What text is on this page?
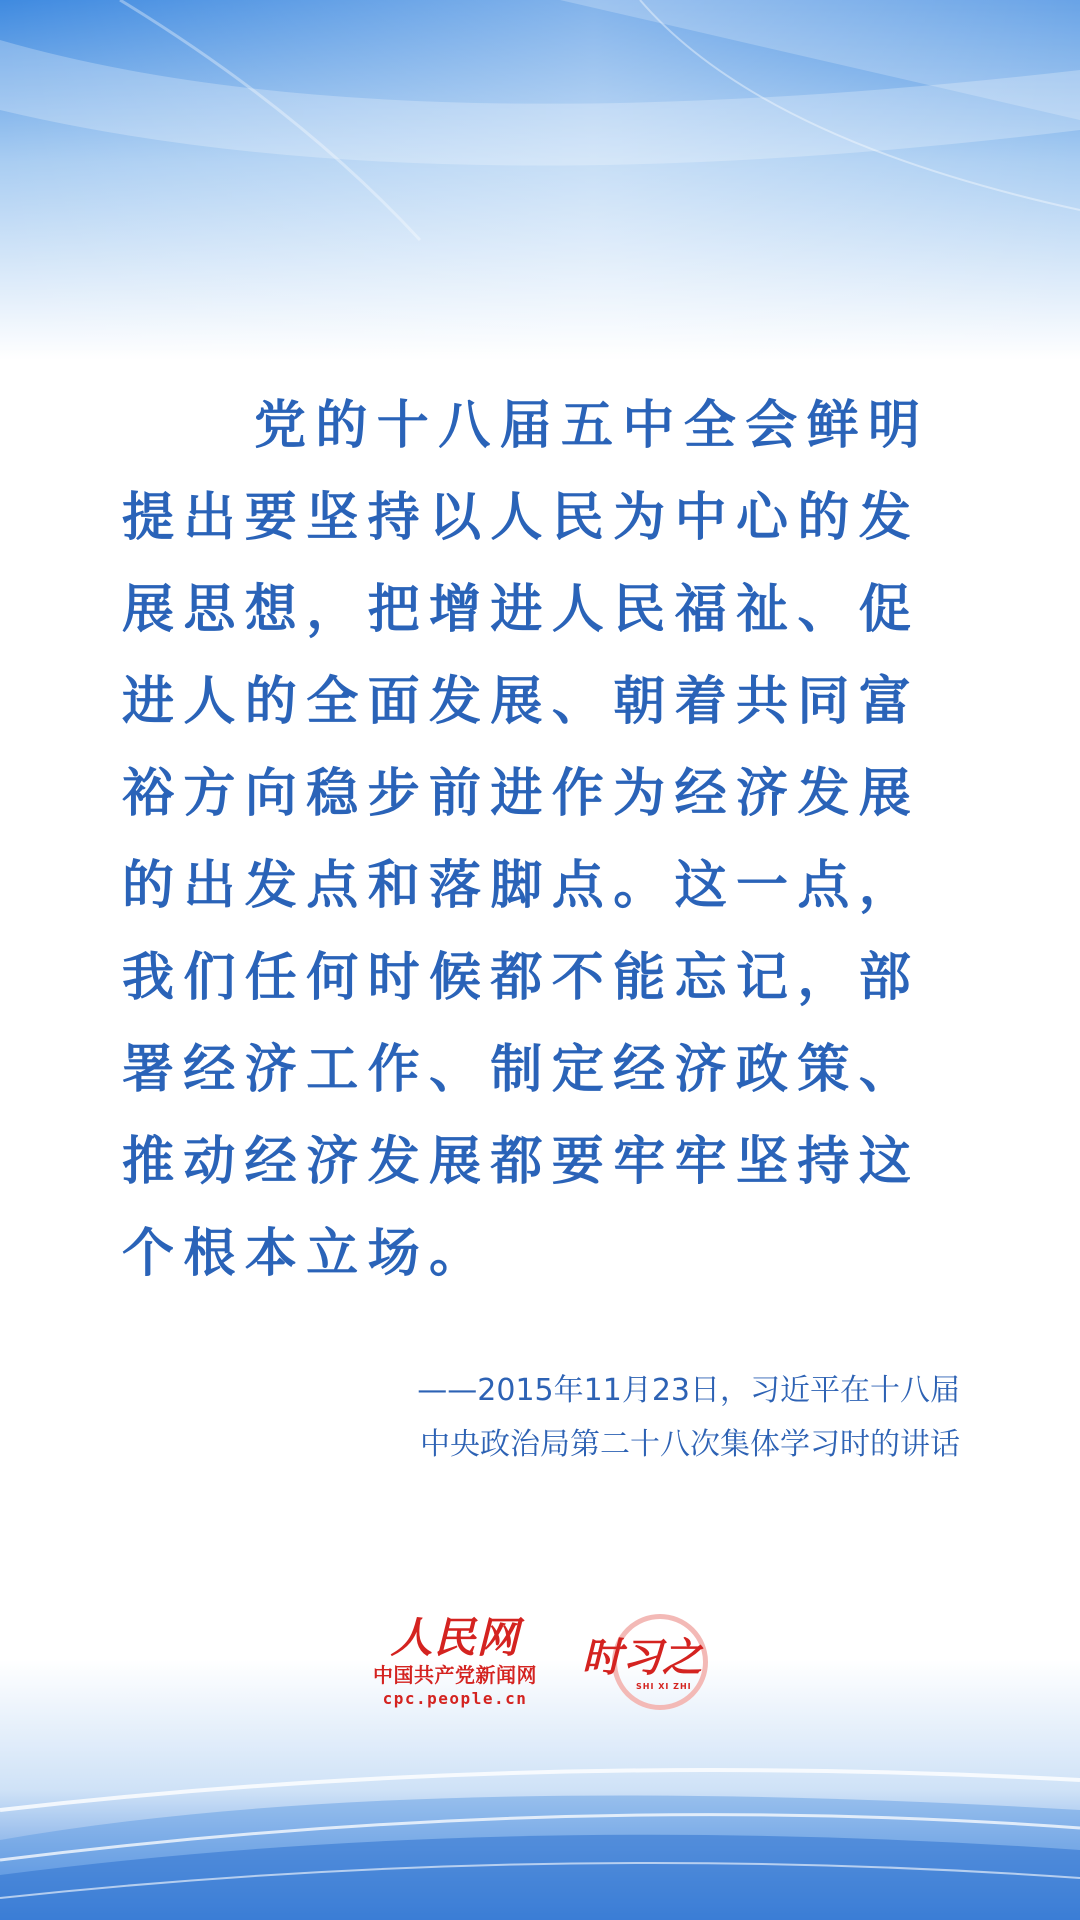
党的十八届五中全会鲜明
提出要坚持以人民为中心的发
展思想，把增进人民福祉、促
进人的全面发展、朝着共同富
裕方向稳步前进作为经济发展
的出发点和落脚点。这一点，
我们任何时候都不能忘记，部
署经济工作、制定经济政策、
推动经济发展都要牢牢坚持这
个根本立场。
——2015年11月23日，习近平在十八届
中央政治局第二十八次集体学习时的讲话
人民网
中国共产党新闻网
cpc.people.cn
时习之
SHI XI ZHI
